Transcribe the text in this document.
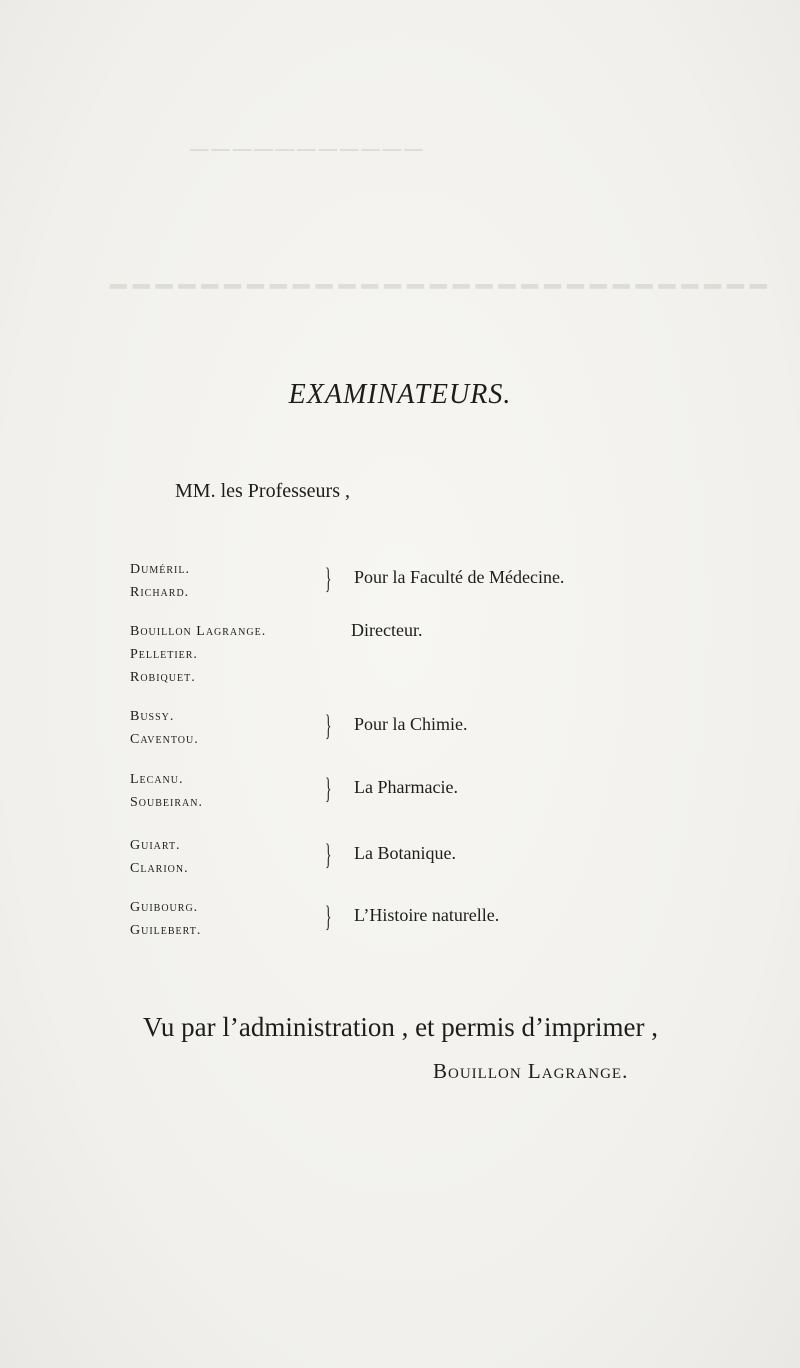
───────────
━━━━━━━━━━━━━━━━━━━━━━━━━━━━━
EXAMINATEURS.
MM. les Professeurs ,
Duméril.
Richard.	} Pour la Faculté de Médecine.
Bouillon Lagrange.
Pelletier.
Robiquet.
Directeur.
Bussy.
Caventou.	} Pour la Chimie.
Lecanu.
Soubeiran.	} La Pharmacie.
Guiart.
Clarion.	} La Botanique.
Guibourg.
Guilebert.	} L’Histoire naturelle.
Vu par l’administration , et permis d’imprimer ,
Bouillon Lagrange.
